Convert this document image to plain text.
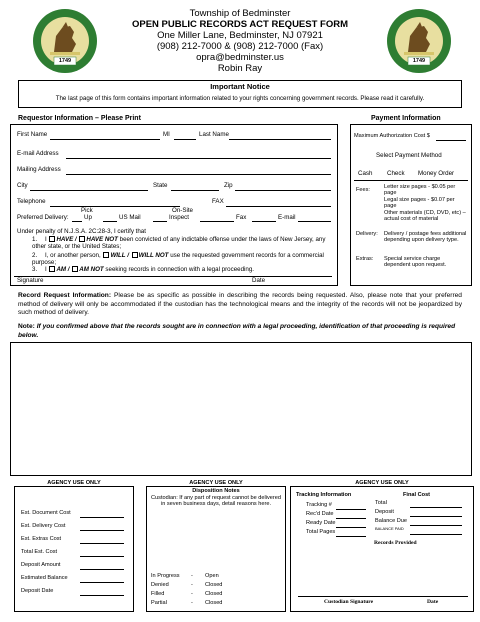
1749	1749
Township of Bedminster
OPEN PUBLIC RECORDS ACT REQUEST FORM
One Miller Lane, Bedminster, NJ 07921
(908) 212-7000 & (908) 212-7000 (Fax)
opra@bedminster.us
Robin Ray
Important Notice
The last page of this form contains important information related to your rights concerning government records. Please read it carefully.
Requestor Information – Please Print
First Name	MI	Last Name
E-mail Address
Mailing Address
City	State	Zip
Telephone	FAX
Pick	On-Site
Preferred Delivery: Up	US Mail	Inspect	Fax	E-mail
Under penalty of N.J.S.A. 2C:28-3, I certify that
1. I HAVE / HAVE NOT been convicted of any indictable offense under the laws of New Jersey, any other state, or the United States;
2. I, or another person, WILL / WILL NOT use the requested government records for a commercial purpose;
3. I AM / AM NOT seeking records in connection with a legal proceeding.
Signature	Date
Payment Information
Maximum Authorization Cost $
Select Payment Method
Cash Check Money Order
Fees:	Letter size pages - $0.05 per page
Legal size pages - $0.07 per page
Other materials (CD, DVD, etc) – actual cost of material
Delivery: Delivery / postage fees additional depending upon delivery type.
Extras: Special service charge dependent upon request.
Record Request Information: Please be as specific as possible in describing the records being requested. Also, please note that your preferred method of delivery will only be accommodated if the custodian has the technological means and the integrity of the records will not be jeopardized by such method of delivery.
Note: If you confirmed above that the records sought are in connection with a legal proceeding, identification of that proceeding is required below.
AGENCY USE ONLY	AGENCY USE ONLY	AGENCY USE ONLY
Est. Document Cost
Est. Delivery Cost
Est. Extras Cost
Total Est. Cost
Deposit Amount
Estimated Balance
Deposit Date
Disposition Notes
Custodian: If any part of request cannot be delivered in seven business days, detail reasons here.
In Progress - Open
Denied	- Closed
Filled	- Closed
Partial	- Closed
Tracking Information
Tracking #
Rec'd Date
Ready Date
Total Pages
Final Cost
Total
Deposit
Balance Due
BALANCE PAID
Records Provided
Custodian Signature	Date
